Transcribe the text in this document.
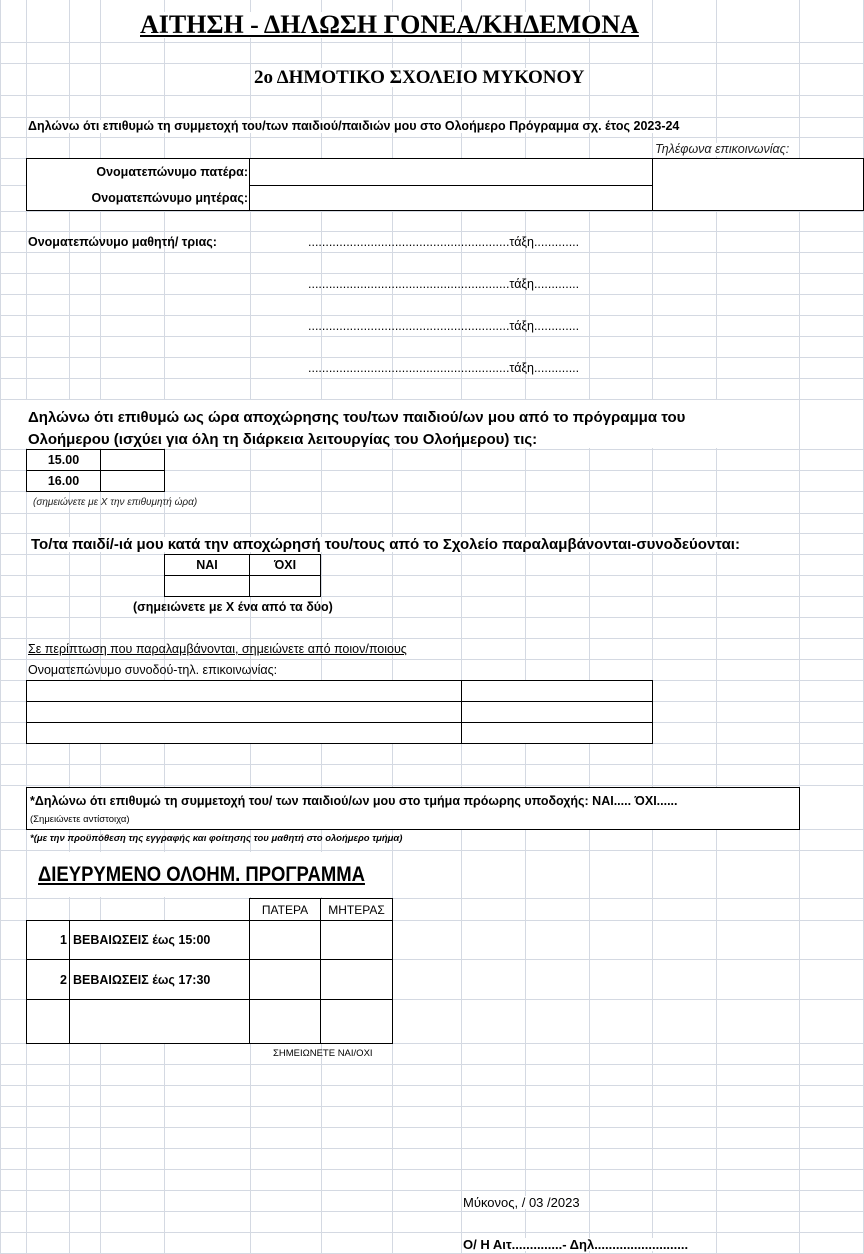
ΑΙΤΗΣΗ - ΔΗΛΩΣΗ ΓΟΝΕΑ/ΚΗΔΕΜΟΝΑ
2ο ΔΗΜΟΤΙΚΟ ΣΧΟΛΕΙΟ ΜΥΚΟΝΟΥ
Δηλώνω ότι επιθυμώ τη συμμετοχή του/των παιδιού/παιδιών μου στο Ολοήμερο Πρόγραμμα σχ. έτος 2023-24
Τηλέφωνα επικοινωνίας:
Ονοματεπώνυμο πατέρα:
Ονοματεπώνυμο μητέρας:
Ονοματεπώνυμο μαθητή/ τριας:	..........................................................τάξη.............
..........................................................τάξη.............
..........................................................τάξη.............
..........................................................τάξη.............
Δηλώνω ότι επιθυμώ ως ώρα αποχώρησης του/των παιδιού/ων μου από το πρόγραμμα του
Ολοήμερου (ισχύει για όλη τη διάρκεια λειτουργίας του Ολοήμερου) τις:
15.00
16.00
(σημειώνετε με Χ την επιθυμητή ώρα)
Το/τα παιδί/-ιά μου κατά την αποχώρησή του/τους από το Σχολείο παραλαμβάνονται-συνοδεύονται:
ΝΑΙ	ΌΧΙ
(σημειώνετε με Χ ένα από τα δύο)
Σε περίπτωση που παραλαμβάνονται, σημειώνετε από ποιον/ποιους
Ονοματεπώνυμο συνοδού-τηλ. επικοινωνίας:
*Δηλώνω ότι επιθυμώ τη συμμετοχή του/ των παιδιού/ων μου στο τμήμα πρόωρης υποδοχής: ΝΑΙ..... ΌΧΙ......
(Σημειώνετε αντίστοιχα)
*(με την προϋπόθεση της εγγραφής και φοίτησης του μαθητή στο ολοήμερο τμήμα)
ΔΙΕΥΡΥΜΕΝΟ ΟΛΟΗΜ. ΠΡΟΓΡΑΜΜΑ
ΠΑΤΕΡΑ	ΜΗΤΕΡΑΣ
1 ΒΕΒΑΙΩΣΕΙΣ έως 15:00
2 ΒΕΒΑΙΩΣΕΙΣ έως 17:30
ΣΗΜΕΙΩΝΕΤΕ ΝΑΙ/ΟΧΙ
Μύκονος, / 03 /2023
Ο/ Η Αιτ..............- Δηλ..........................
